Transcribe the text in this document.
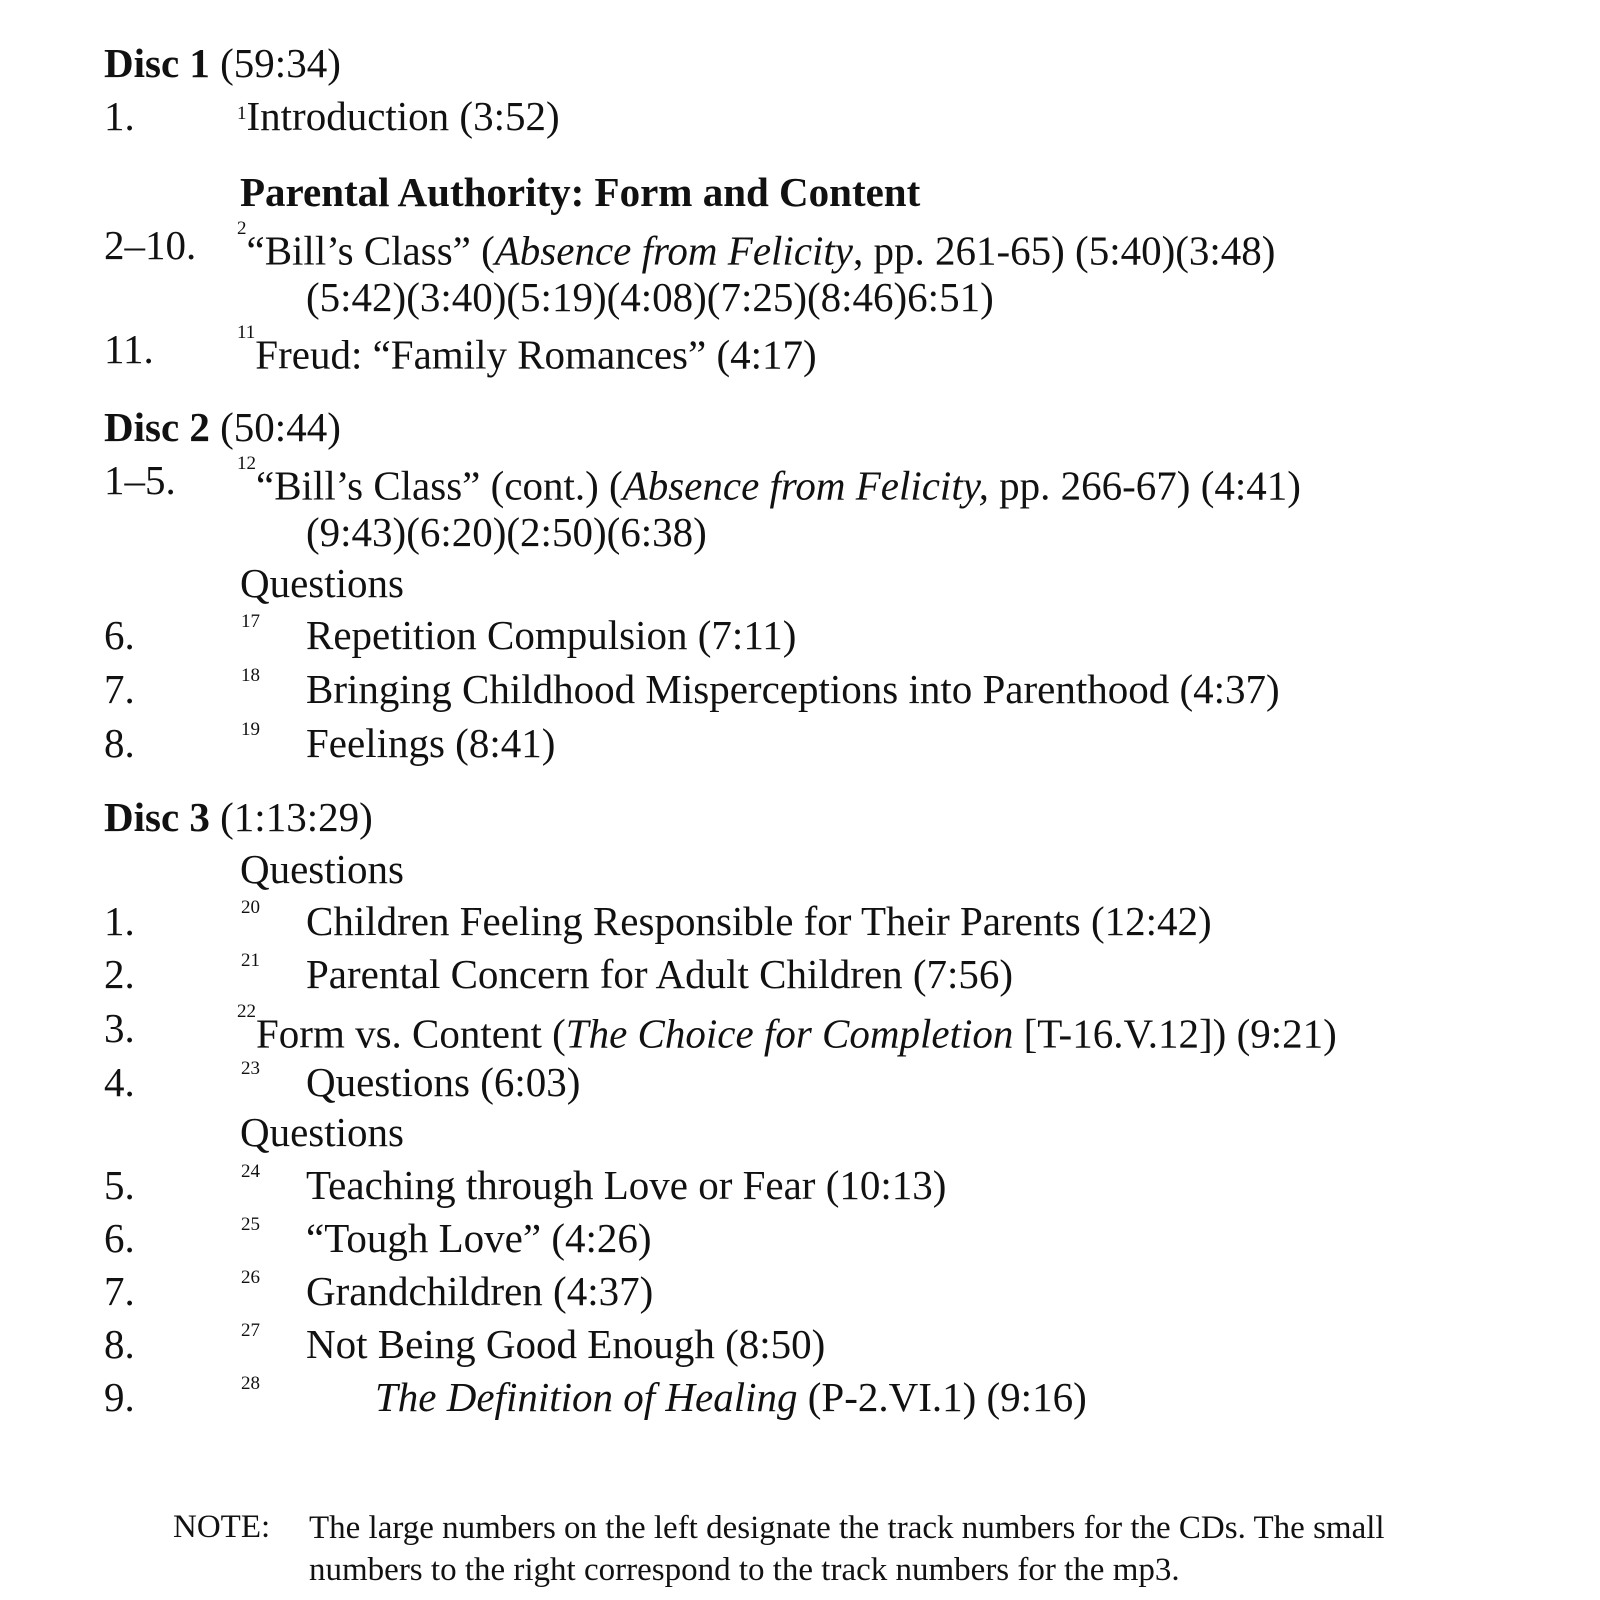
Disc 1 (59:34)
1.	$^1$Introduction (3:52)
Parental Authority: Form and Content
2–10. $^2$“Bill’s Class” (Absence from Felicity, pp. 261-65) (5:40)(3:48)
(5:42)(3:40)(5:19)(4:08)(7:25)(8:46)6:51)
11.	$^{11}$Freud: “Family Romances” (4:17)
Disc 2 (50:44)
1–5.	$^{12}$“Bill’s Class” (cont.) (Absence from Felicity, pp. 266-67) (4:41)
(9:43)(6:20)(2:50)(6:38)
Questions
6.	17 Repetition Compulsion (7:11)
7.	18 Bringing Childhood Misperceptions into Parenthood (4:37)
8.	19 Feelings (8:41)
Disc 3 (1:13:29)
Questions
1.	20 Children Feeling Responsible for Their Parents (12:42)
2.	21 Parental Concern for Adult Children (7:56)
3.	$^{22}$Form vs. Content (The Choice for Completion [T-16.V.12]) (9:21)
4.	23 Questions (6:03)
Questions
5.	24 Teaching through Love or Fear (10:13)
6.	25 “Tough Love” (4:26)
7.	26 Grandchildren (4:37)
8.	27 Not Being Good Enough (8:50)
9.	28	The Definition of Healing (P-2.VI.1) (9:16)
NOTE: The large numbers on the left designate the track numbers for the CDs. The small numbers to the right correspond to the track numbers for the mp3.
